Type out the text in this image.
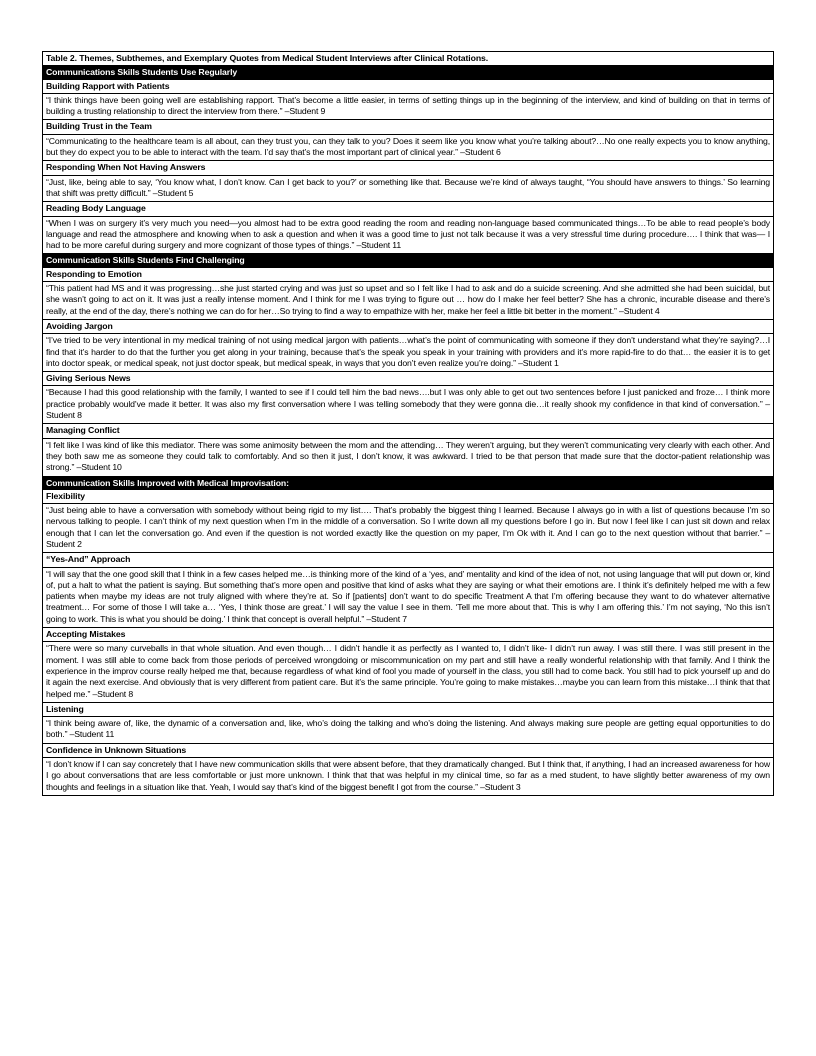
Table 2. Themes, Subthemes, and Exemplary Quotes from Medical Student Interviews after Clinical Rotations.
Communications Skills Students Use Regularly
Building Rapport with Patients
“I think things have been going well are establishing rapport. That’s become a little easier, in terms of setting things up in the beginning of the interview, and kind of building on that in terms of building a trusting relationship to direct the interview from there.” –Student 9
Building Trust in the Team
“Communicating to the healthcare team is all about, can they trust you, can they talk to you? Does it seem like you know what you’re talking about?…No one really expects you to know anything, but they do expect you to be able to interact with the team. I’d say that’s the most important part of clinical year.” –Student 6
Responding When Not Having Answers
“Just, like, being able to say, ‘You know what, I don’t know. Can I get back to you?’ or something like that. Because we’re kind of always taught, “You should have answers to things.’ So learning that shift was pretty difficult.” –Student 5
Reading Body Language
“When I was on surgery it’s very much you need—you almost had to be extra good reading the room and reading non-language based communicated things…To be able to read people’s body language and read the atmosphere and knowing when to ask a question and when it was a good time to just not talk because it was a very stressful time during procedure…. I think that was— I had to be more careful during surgery and more cognizant of those types of things.” –Student 11
Communication Skills Students Find Challenging
Responding to Emotion
“This patient had MS and it was progressing…she just started crying and was just so upset and so I felt like I had to ask and do a suicide screening. And she admitted she had been suicidal, but she wasn’t going to act on it. It was just a really intense moment. And I think for me I was trying to figure out … how do I make her feel better? She has a chronic, incurable disease and there’s really, at the end of the day, there’s nothing we can do for her…So trying to find a way to empathize with her, make her feel a little bit better in the moment.” –Student 4
Avoiding Jargon
“I’ve tried to be very intentional in my medical training of not using medical jargon with patients…what’s the point of communicating with someone if they don’t understand what they’re saying?…I find that it’s harder to do that the further you get along in your training, because that’s the speak you speak in your training with providers and it’s more rapid-fire to do that… the easier it is to get into doctor speak, or medical speak, not just doctor speak, but medical speak, in ways that you don’t even realize you’re doing.” –Student 1
Giving Serious News
“Because I had this good relationship with the family, I wanted to see if I could tell him the bad news….but I was only able to get out two sentences before I just panicked and froze… I think more practice probably would’ve made it better. It was also my first conversation where I was telling somebody that they were gonna die…it really shook my confidence in that kind of conversation.” –Student 8
Managing Conflict
“I felt like I was kind of like this mediator. There was some animosity between the mom and the attending… They weren’t arguing, but they weren’t communicating very clearly with each other. And they both saw me as someone they could talk to comfortably. And so then it just, I don’t know, it was awkward. I tried to be that person that made sure that the doctor-patient relationship was strong.” –Student 10
Communication Skills Improved with Medical Improvisation:
Flexibility
“Just being able to have a conversation with somebody without being rigid to my list…. That’s probably the biggest thing I learned. Because I always go in with a list of questions because I’m so nervous talking to people. I can’t think of my next question when I’m in the middle of a conversation. So I write down all my questions before I go in. But now I feel like I can just sit down and relax enough that I can let the conversation go. And even if the question is not worded exactly like the question on my paper, I’m Ok with it. And I can go to the next question without that barrier.” –Student 2
“Yes-And” Approach
“I will say that the one good skill that I think in a few cases helped me…is thinking more of the kind of a ‘yes, and’ mentality and kind of the idea of not, not using language that will put down or, kind of, put a halt to what the patient is saying. But something that’s more open and positive that kind of asks what they are saying or what their emotions are. I think it’s definitely helped me with a few patients when maybe my ideas are not truly aligned with where they’re at. So if [patients] don’t want to do specific Treatment A that I’m offering because they want to do whatever alternative treatment… For some of those I will take a… ‘Yes, I think those are great.’ I will say the value I see in them. ‘Tell me more about that. This is why I am offering this.’ I’m not saying, ‘No this isn’t going to work. This is what you should be doing.’ I think that concept is overall helpful.” –Student 7
Accepting Mistakes
“There were so many curveballs in that whole situation. And even though… I didn’t handle it as perfectly as I wanted to, I didn’t like- I didn’t run away. I was still there. I was still present in the moment. I was still able to come back from those periods of perceived wrongdoing or miscommunication on my part and still have a really wonderful relationship with that family. And I think the experience in the improv course really helped me that, because regardless of what kind of fool you made of yourself in the class, you still had to come back. You still had to pick yourself up and do it again the next exercise. And obviously that is very different from patient care. But it’s the same principle. You’re going to make mistakes…maybe you can learn from this mistake…I think that that helped me.” –Student 8
Listening
“I think being aware of, like, the dynamic of a conversation and, like, who’s doing the talking and who’s doing the listening. And always making sure people are getting equal opportunities to do both.” –Student 11
Confidence in Unknown Situations
“I don’t know if I can say concretely that I have new communication skills that were absent before, that they dramatically changed. But I think that, if anything, I had an increased awareness for how I go about conversations that are less comfortable or just more unknown. I think that that was helpful in my clinical time, so far as a med student, to have slightly better awareness of my own thoughts and feelings in a situation like that. Yeah, I would say that’s kind of the biggest benefit I got from the course.” –Student 3
